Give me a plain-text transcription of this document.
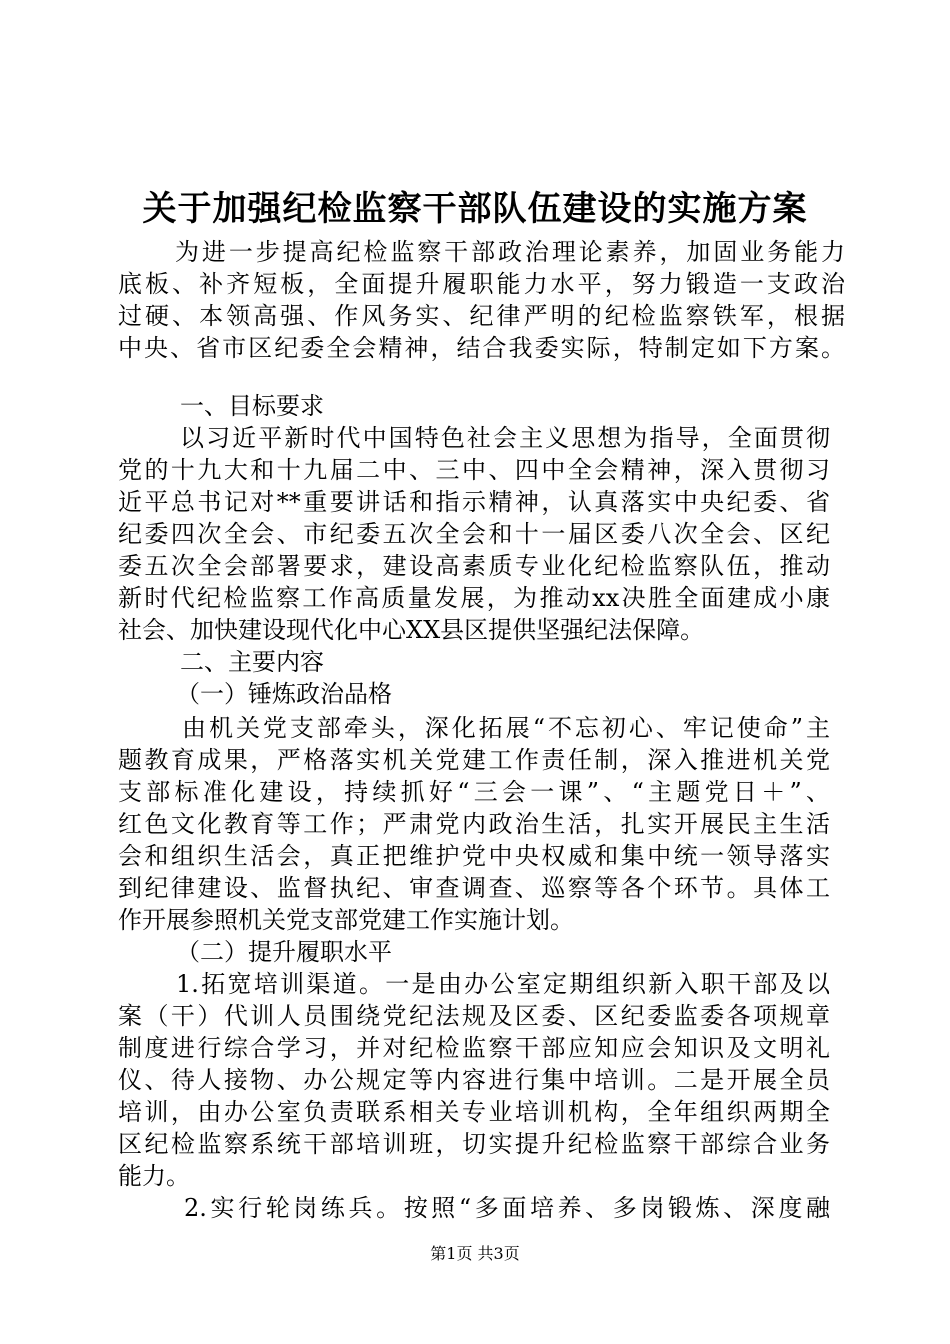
关于加强纪检监察干部队伍建设的实施方案
为进一步提高纪检监察干部政治理论素养，加固业务能力
底板、补齐短板，全面提升履职能力水平，努力锻造一支政治
过硬、本领高强、作风务实、纪律严明的纪检监察铁军，根据
中央、省市区纪委全会精神，结合我委实际，特制定如下方案。
一、目标要求
以习近平新时代中国特色社会主义思想为指导，全面贯彻
党的十九大和十九届二中、三中、四中全会精神，深入贯彻习
近平总书记对**重要讲话和指示精神，认真落实中央纪委、省
纪委四次全会、市纪委五次全会和十一届区委八次全会、区纪
委五次全会部署要求，建设高素质专业化纪检监察队伍，推动
新时代纪检监察工作高质量发展，为推动xx决胜全面建成小康
社会、加快建设现代化中心XX县区提供坚强纪法保障。
二、主要内容
（一）锤炼政治品格
由机关党支部牵头，深化拓展“不忘初心、牢记使命”主
题教育成果，严格落实机关党建工作责任制，深入推进机关党
支部标准化建设，持续抓好“三会一课”、“主题党日＋”、
红色文化教育等工作；严肃党内政治生活，扎实开展民主生活
会和组织生活会，真正把维护党中央权威和集中统一领导落实
到纪律建设、监督执纪、审查调查、巡察等各个环节。具体工
作开展参照机关党支部党建工作实施计划。
（二）提升履职水平
1.拓宽培训渠道。一是由办公室定期组织新入职干部及以
案（干）代训人员围绕党纪法规及区委、区纪委监委各项规章
制度进行综合学习，并对纪检监察干部应知应会知识及文明礼
仪、待人接物、办公规定等内容进行集中培训。二是开展全员
培训，由办公室负责联系相关专业培训机构，全年组织两期全
区纪检监察系统干部培训班，切实提升纪检监察干部综合业务
能力。
2.实行轮岗练兵。按照“多面培养、多岗锻炼、深度融
第1页 共3页
